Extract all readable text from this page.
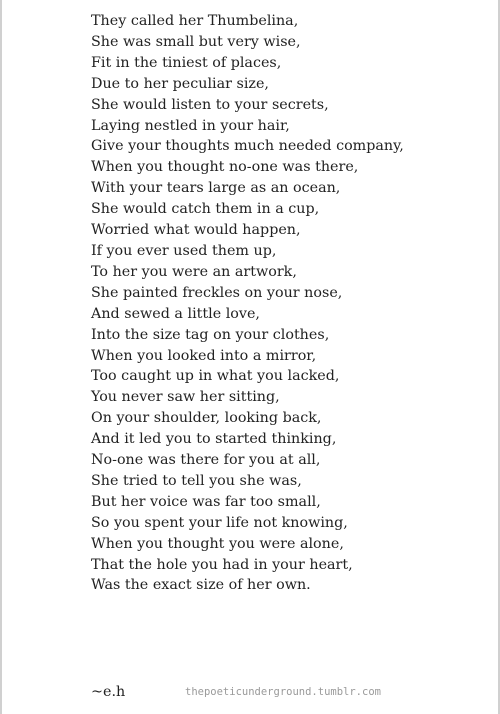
They called her Thumbelina,
She was small but very wise,
Fit in the tiniest of places,
Due to her peculiar size,
She would listen to your secrets,
Laying nestled in your hair,
Give your thoughts much needed company,
When you thought no-one was there,
With your tears large as an ocean,
She would catch them in a cup,
Worried what would happen,
If you ever used them up,
To her you were an artwork,
She painted freckles on your nose,
And sewed a little love,
Into the size tag on your clothes,
When you looked into a mirror,
Too caught up in what you lacked,
You never saw her sitting,
On your shoulder, looking back,
And it led you to started thinking,
No-one was there for you at all,
She tried to tell you she was,
But her voice was far too small,
So you spent your life not knowing,
When you thought you were alone,
That the hole you had in your heart,
Was the exact size of her own.
~e.h	thepoeticunderground.tumblr.com
